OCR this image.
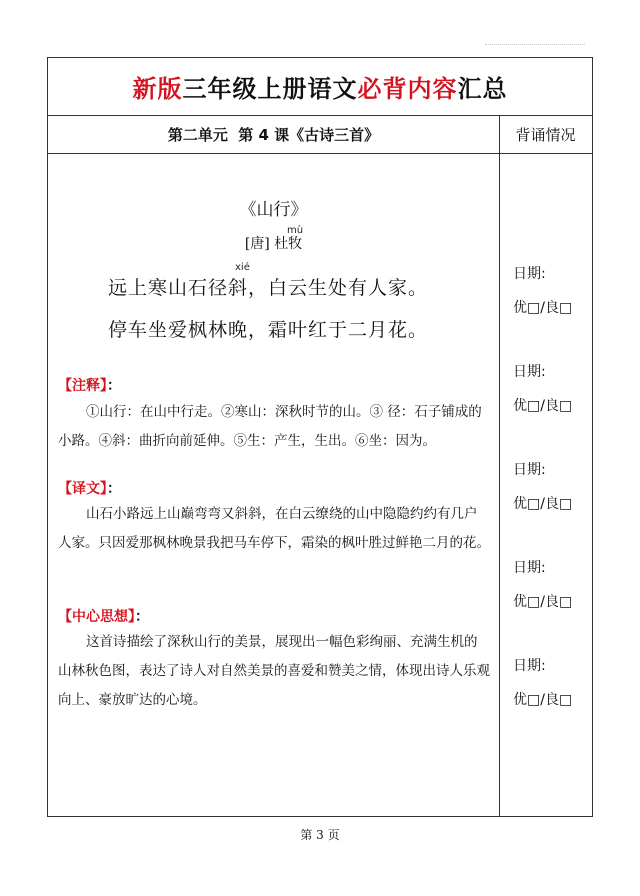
新版 三年级上册语文 必背内容 汇总
第二单元  第 4 课《古诗三首》	背诵情况
《山行》
[唐] 杜牧
mù
xié
远上寒山石径斜，白云生处有人家。
停车坐爱枫林晚，霜叶红于二月花。
【注释】：

①山行：在山中行走。②寒山：深秋时节的山。③ 径：石子铺成的小路。④斜：曲折向前延伸。⑤生：产生，生出。⑥坐：因为。

【译文】：

山石小路远上山巅弯弯又斜斜，在白云缭绕的山中隐隐约约有几户人家。只因爱那枫林晚景我把马车停下，霜染的枫叶胜过鲜艳二月的花。

【中心思想】：

这首诗描绘了深秋山行的美景，展现出一幅色彩绚丽、充满生机的山林秋色图，表达了诗人对自然美景的喜爱和赞美之情，体现出诗人乐观向上、豪放旷达的心境。

日期:
优□/良□
日期:
优□/良□
日期:
优□/良□
日期:
优□/良□
日期:
优□/良□
第 3 页
